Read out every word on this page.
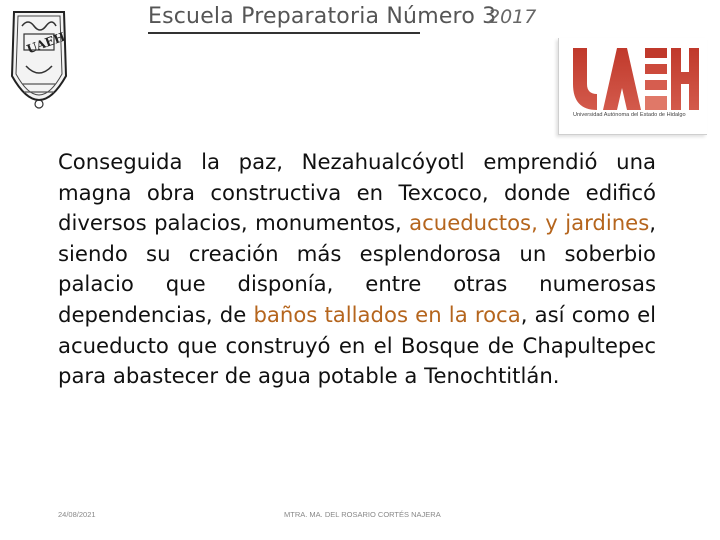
UAEH
Escuela Preparatoria Número 3
2017
Universidad Autónoma del Estado de Hidalgo
Conseguida la paz, Nezahualcóyotl emprendió una magna obra constructiva en Texcoco, donde edificó diversos palacios, monumentos, acueductos, y jardines, siendo su creación más esplendorosa un soberbio palacio que disponía, entre otras numerosas dependencias, de baños tallados en la roca, así como el acueducto que construyó en el Bosque de Chapultepec para abastecer de agua potable a Tenochtitlán.
24/08/2021	MTRA. MA. DEL ROSARIO CORTÉS NAJERA
